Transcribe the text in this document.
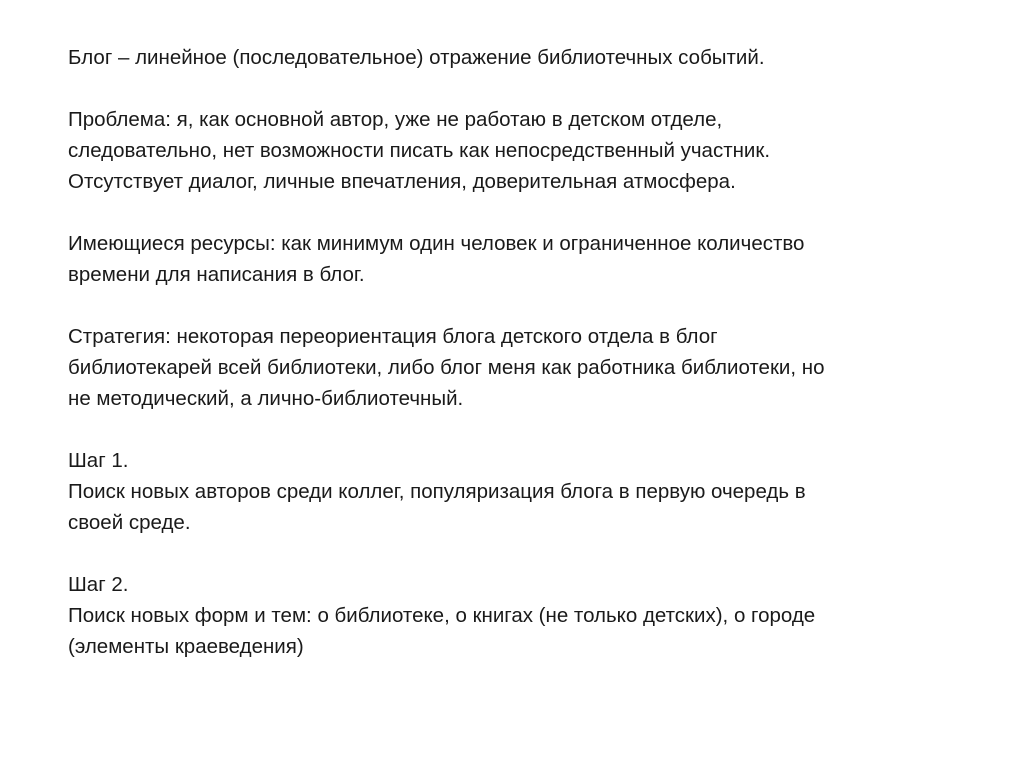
Блог – линейное (последовательное) отражение библиотечных событий.

Проблема: я, как основной автор, уже не работаю в детском отделе,
следовательно, нет возможности писать как непосредственный участник.
Отсутствует диалог, личные впечатления, доверительная атмосфера.

Имеющиеся ресурсы: как минимум один человек и ограниченное количество
времени для написания в блог.

Стратегия: некоторая переориентация блога детского отдела в блог
библиотекарей всей библиотеки, либо блог меня как работника библиотеки, но
не методический, а лично-библиотечный.

Шаг 1.
Поиск новых авторов среди коллег, популяризация блога в первую очередь в
своей среде.

Шаг 2.
Поиск новых форм и тем: о библиотеке, о книгах (не только детских), о городе
(элементы краеведения)
